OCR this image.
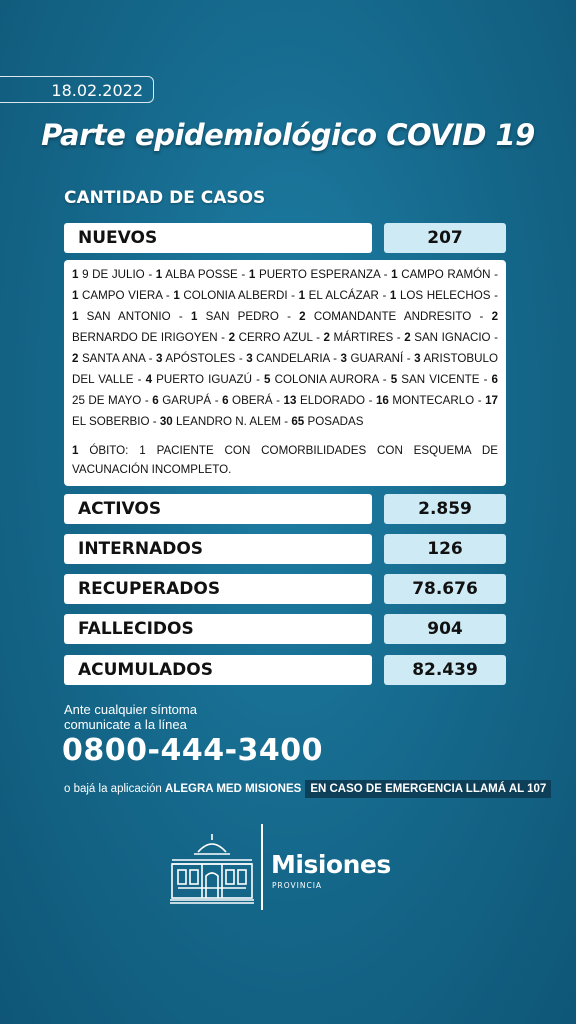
18.02.2022
Parte epidemiológico COVID 19
CANTIDAD DE CASOS
NUEVOS	207

1 9 DE JULIO - 1 ALBA POSSE - 1 PUERTO ESPERANZA - 1 CAMPO RAMÓN - 1 CAMPO VIERA - 1 COLONIA ALBERDI - 1 EL ALCÁZAR - 1 LOS HELECHOS - 1 SAN ANTONIO - 1 SAN PEDRO - 2 COMANDANTE ANDRESITO - 2 BERNARDO DE IRIGOYEN - 2 CERRO AZUL - 2 MÁRTIRES - 2 SAN IGNACIO - 2 SANTA ANA - 3 APÓSTOLES - 3 CANDELARIA - 3 GUARANÍ - 3 ARISTOBULO DEL VALLE - 4 PUERTO IGUAZÚ - 5 COLONIA AURORA - 5 SAN VICENTE - 6 25 DE MAYO - 6 GARUPÁ - 6 OBERÁ - 13 ELDORADO - 16 MONTECARLO - 17 EL SOBERBIO - 30 LEANDRO N. ALEM - 65 POSADAS

1 ÓBITO: 1 PACIENTE CON COMORBILIDADES CON ESQUEMA DE VACUNACIÓN INCOMPLETO.

ACTIVOS	2.859
INTERNADOS	126
RECUPERADOS	78.676
FALLECIDOS	904
ACUMULADOS	82.439
Ante cualquier síntoma
comunicate a la línea
0800-444-3400
o bajá la aplicación ALEGRA MED MISIONES EN CASO DE EMERGENCIA LLAMÁ AL 107
Misiones
PROVINCIA
